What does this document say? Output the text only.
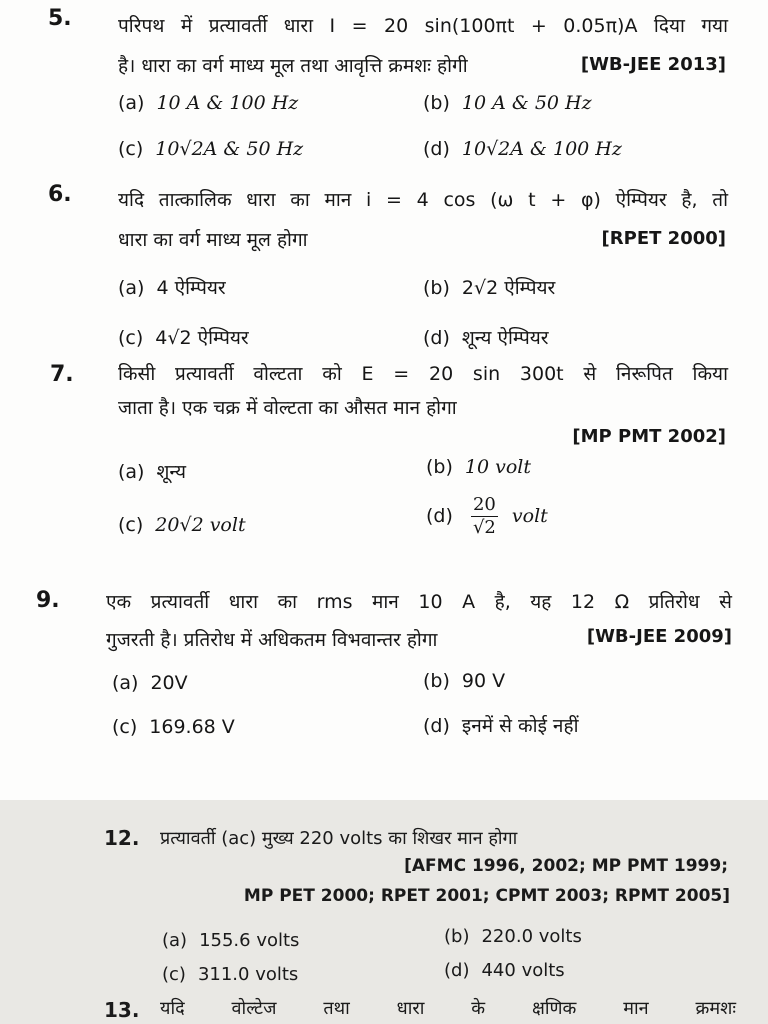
5. परिपथ में प्रत्यावर्ती धारा I = 20 sin(100πt + 0.05π)A दिया गया
है। धारा का वर्ग माध्य मूल तथा आवृत्ति क्रमशः होगी	[WB-JEE 2013]
(a) 10 A & 100 Hz	(b) 10 A & 50 Hz
(c) 10√2A & 50 Hz	(d) 10√2A & 100 Hz
6. यदि तात्कालिक धारा का मान i = 4 cos (ω t + φ) ऐम्पियर है, तो
धारा का वर्ग माध्य मूल होगा	[RPET 2000]
(a) 4 ऐम्पियर	(b) 2√2 ऐम्पियर
(c) 4√2 ऐम्पियर	(d) शून्य ऐम्पियर
7. किसी प्रत्यावर्ती वोल्टता को E = 20 sin 300t से निरूपित किया
जाता है। एक चक्र में वोल्टता का औसत मान होगा
[MP PMT 2002]
(a) शून्य	(b) 10 volt
(c) 20√2 volt	$(d) \frac{20}{√2}$ volt
9. एक प्रत्यावर्ती धारा का rms मान 10 A है, यह 12 Ω प्रतिरोध से
गुजरती है। प्रतिरोध में अधिकतम विभवान्तर होगा	[WB-JEE 2009]
(a) 20V	(b) 90 V
(c) 169.68 V	(d) इनमें से कोई नहीं
12. प्रत्यावर्ती (ac) मुख्य 220 volts का शिखर मान होगा
[AFMC 1996, 2002; MP PMT 1999;
MP PET 2000; RPET 2001; CPMT 2003; RPMT 2005]
(a) 155.6 volts	(b) 220.0 volts
(c) 311.0 volts	(d) 440 volts
13. यदि वोल्टेज तथा धारा के क्षणिक मान क्रमशः
